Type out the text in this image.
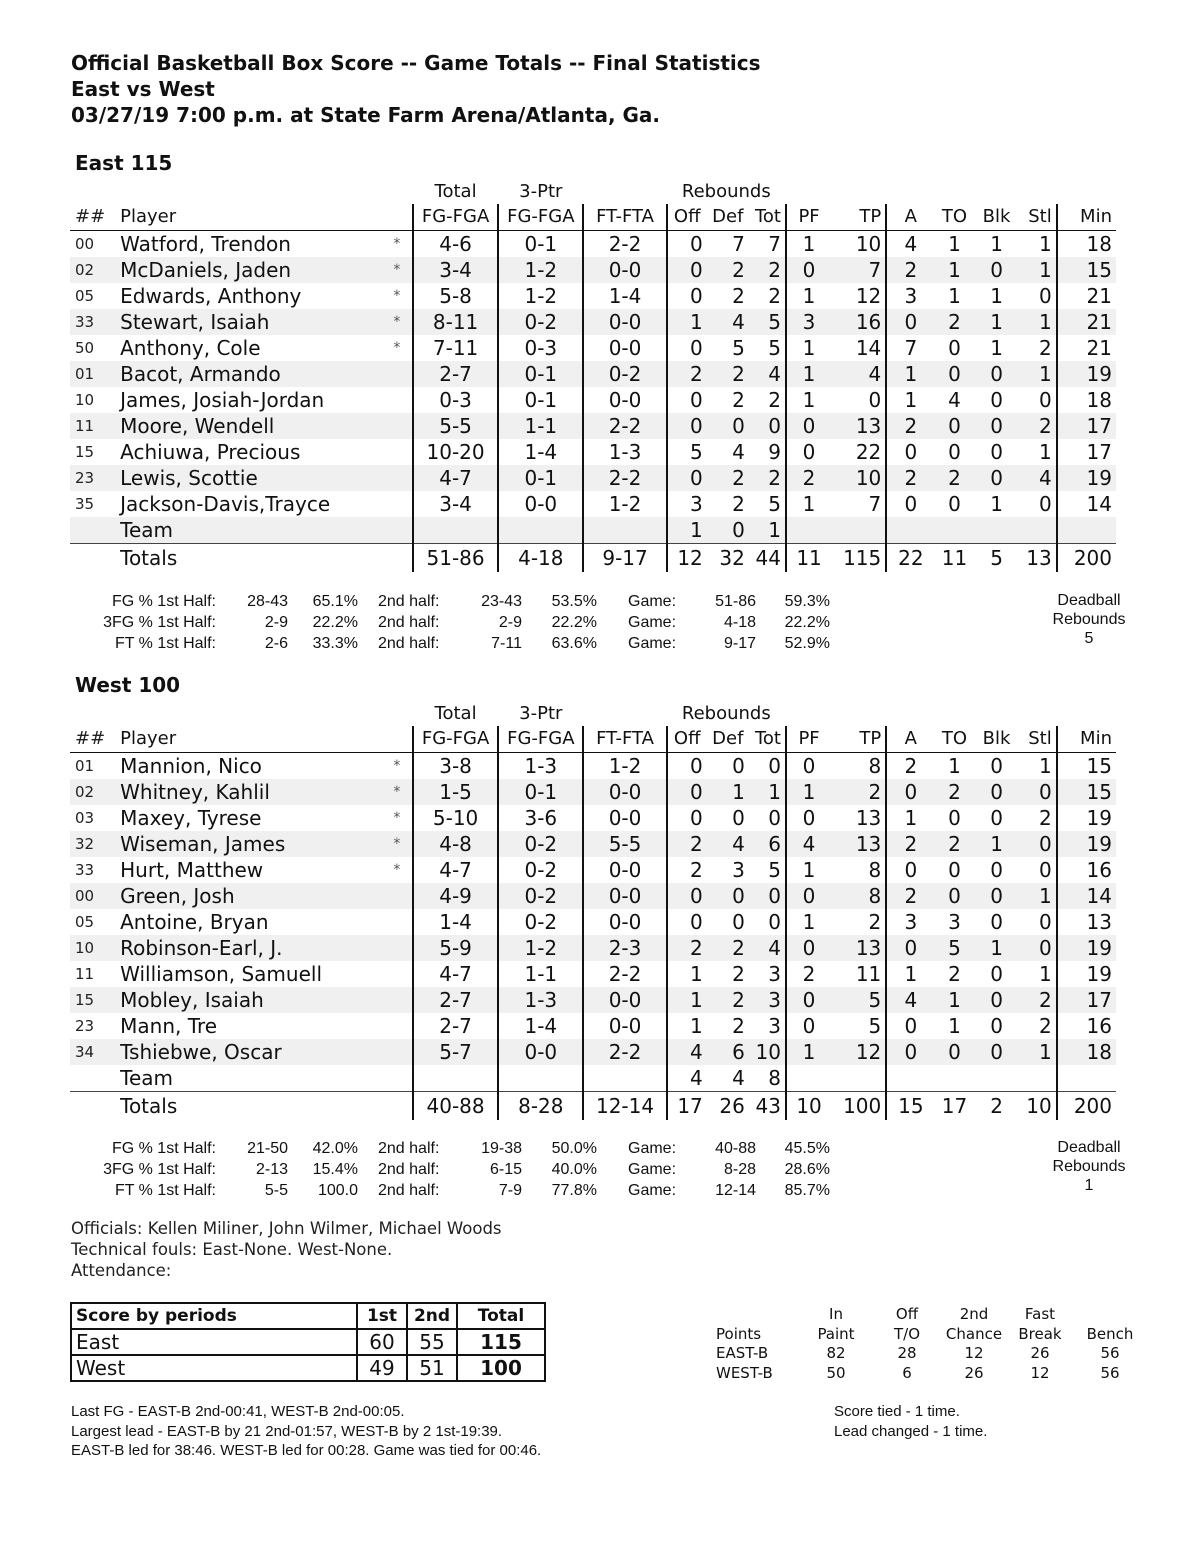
Official Basketball Box Score -- Game Totals -- Final Statistics
East vs West
03/27/19 7:00 p.m. at State Farm Arena/Atlanta, Ga.
East 115
				Total	3-Ptr		Rebounds									
##	Player			FG-FGA	FG-FGA	FT-FTA	Off	Def	Tot	PF	TP	A	TO	Blk	Stl	Min
00	Watford, Trendon	*		4-6	0-1	2-2	0	7	7	1	10	4	1	1	1	18
02	McDaniels, Jaden	*		3-4	1-2	0-0	0	2	2	0	7	2	1	0	1	15
05	Edwards, Anthony	*		5-8	1-2	1-4	0	2	2	1	12	3	1	1	0	21
33	Stewart, Isaiah	*		8-11	0-2	0-0	1	4	5	3	16	0	2	1	1	21
50	Anthony, Cole	*		7-11	0-3	0-0	0	5	5	1	14	7	0	1	2	21
01	Bacot, Armando			2-7	0-1	0-2	2	2	4	1	4	1	0	0	1	19
10	James, Josiah-Jordan			0-3	0-1	0-0	0	2	2	1	0	1	4	0	0	18
11	Moore, Wendell			5-5	1-1	2-2	0	0	0	0	13	2	0	0	2	17
15	Achiuwa, Precious			10-20	1-4	1-3	5	4	9	0	22	0	0	0	1	17
23	Lewis, Scottie			4-7	0-1	2-2	0	2	2	2	10	2	2	0	4	19
35	Jackson-Davis,Trayce			3-4	0-0	1-2	3	2	5	1	7	0	0	1	0	14
	Team						1	0	1							
	Totals			51-86	4-18	9-17	12	32	44	11	115	22	11	5	13	200
FG % 1st Half:	28-43	65.1% 2nd half:	23-43	53.5% Game:	51-86	59.3%
3FG % 1st Half:	2-9	22.2% 2nd half:	2-9	22.2% Game:	4-18	22.2%
FT % 1st Half:	2-6	33.3% 2nd half:	7-11	63.6% Game:	9-17	52.9%
Deadball
Rebounds
5
West 100
				Total	3-Ptr		Rebounds									
##	Player			FG-FGA	FG-FGA	FT-FTA	Off	Def	Tot	PF	TP	A	TO	Blk	Stl	Min
01	Mannion, Nico	*		3-8	1-3	1-2	0	0	0	0	8	2	1	0	1	15
02	Whitney, Kahlil	*		1-5	0-1	0-0	0	1	1	1	2	0	2	0	0	15
03	Maxey, Tyrese	*		5-10	3-6	0-0	0	0	0	0	13	1	0	0	2	19
32	Wiseman, James	*		4-8	0-2	5-5	2	4	6	4	13	2	2	1	0	19
33	Hurt, Matthew	*		4-7	0-2	0-0	2	3	5	1	8	0	0	0	0	16
00	Green, Josh			4-9	0-2	0-0	0	0	0	0	8	2	0	0	1	14
05	Antoine, Bryan			1-4	0-2	0-0	0	0	0	1	2	3	3	0	0	13
10	Robinson-Earl, J.			5-9	1-2	2-3	2	2	4	0	13	0	5	1	0	19
11	Williamson, Samuell			4-7	1-1	2-2	1	2	3	2	11	1	2	0	1	19
15	Mobley, Isaiah			2-7	1-3	0-0	1	2	3	0	5	4	1	0	2	17
23	Mann, Tre			2-7	1-4	0-0	1	2	3	0	5	0	1	0	2	16
34	Tshiebwe, Oscar			5-7	0-0	2-2	4	6	10	1	12	0	0	0	1	18
	Team						4	4	8							
	Totals			40-88	8-28	12-14	17	26	43	10	100	15	17	2	10	200
FG % 1st Half:	21-50	42.0% 2nd half:	19-38	50.0% Game:	40-88	45.5%
3FG % 1st Half:	2-13	15.4% 2nd half:	6-15	40.0% Game:	8-28	28.6%
FT % 1st Half:	5-5	100.0 2nd half:	7-9	77.8% Game:	12-14	85.7%
Deadball
Rebounds
1
Officials: Kellen Miliner, John Wilmer, Michael Woods
Technical fouls: East-None. West-None.
Attendance:
Score by periods	1st	2nd	Total
East	60	55	115
West	49	51	100
	In	Off	2nd	Fast	
Points	Paint	T/O	Chance	Break	Bench
EAST-B	82	28	12	26	56
WEST-B	50	6	26	12	56
Last FG - EAST-B 2nd-00:41, WEST-B 2nd-00:05.
Largest lead - EAST-B by 21 2nd-01:57, WEST-B by 2 1st-19:39.
EAST-B led for 38:46. WEST-B led for 00:28. Game was tied for 00:46.
Score tied - 1 time.
Lead changed - 1 time.
